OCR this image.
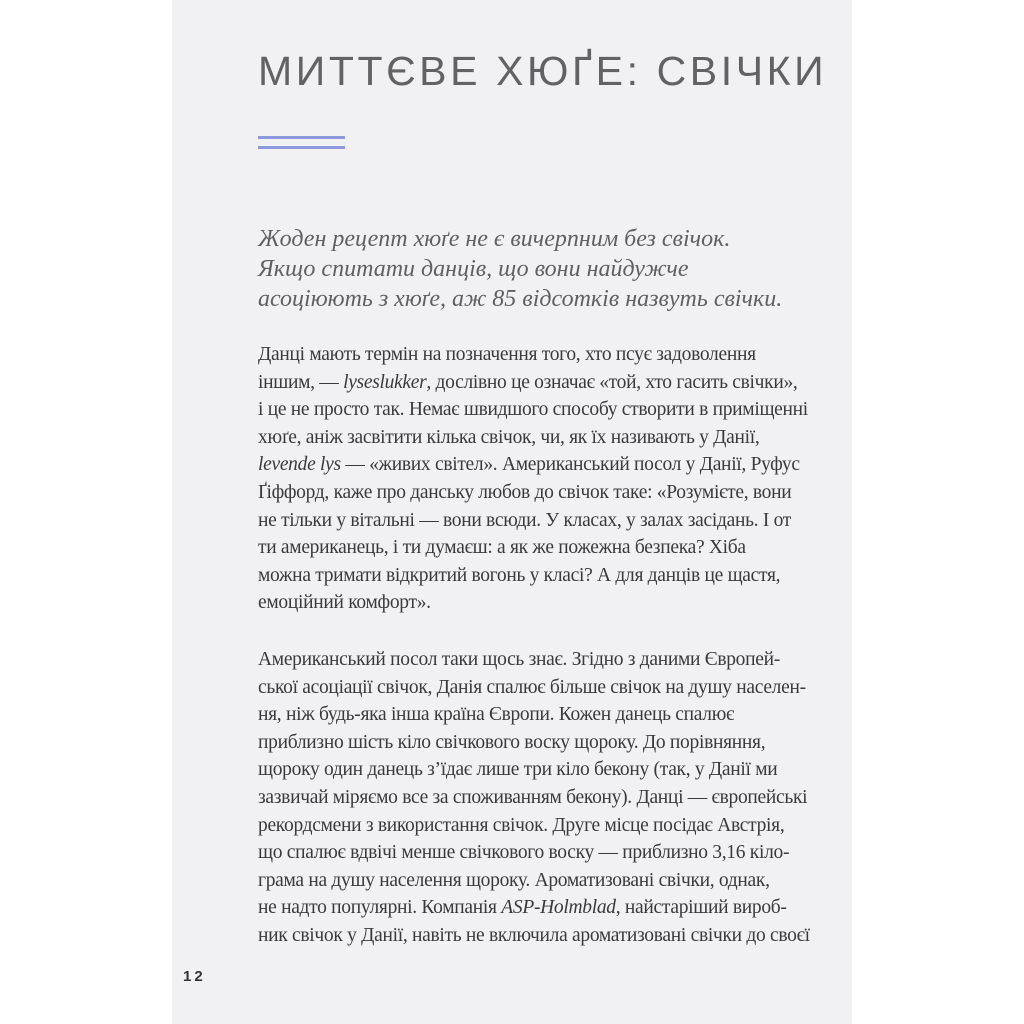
МИТТЄВЕ ХЮҐЕ: СВІЧКИ
Жоден рецепт хюґе не є вичерпним без свічок.
Якщо спитати данців, що вони найдужче
асоціюють з хюґе, аж 85 відсотків назвуть свічки.
Данці мають термін на позначення того, хто псує задоволення
іншим, — lyseslukker, дослівно це означає «той, хто гасить свічки»,
і це не просто так. Немає швидшого способу створити в приміщенні
хюґе, аніж засвітити кілька свічок, чи, як їх називають у Данії,
levende lys — «живих світел». Американський посол у Данії, Руфус
Ґіффорд, каже про данську любов до свічок таке: «Розумієте, вони
не тільки у вітальні — вони всюди. У класах, у залах засідань. І от
ти американець, і ти думаєш: а як же пожежна безпека? Хіба
можна тримати відкритий вогонь у класі? А для данців це щастя,
емоційний комфорт».
Американський посол таки щось знає. Згідно з даними Європей-
ської асоціації свічок, Данія спалює більше свічок на душу населен-
ня, ніж будь-яка інша країна Європи. Кожен данець спалює
приблизно шість кіло свічкового воску щороку. До порівняння,
щороку один данець з’їдає лише три кіло бекону (так, у Данії ми
зазвичай міряємо все за споживанням бекону). Данці — європейські
рекордсмени з використання свічок. Друге місце посідає Австрія,
що спалює вдвічі менше свічкового воску — приблизно 3,16 кіло-
грама на душу населення щороку. Ароматизовані свічки, однак,
не надто популярні. Компанія ASP-Holmblad, найстаріший вироб-
ник свічок у Данії, навіть не включила ароматизовані свічки до своєї
12
